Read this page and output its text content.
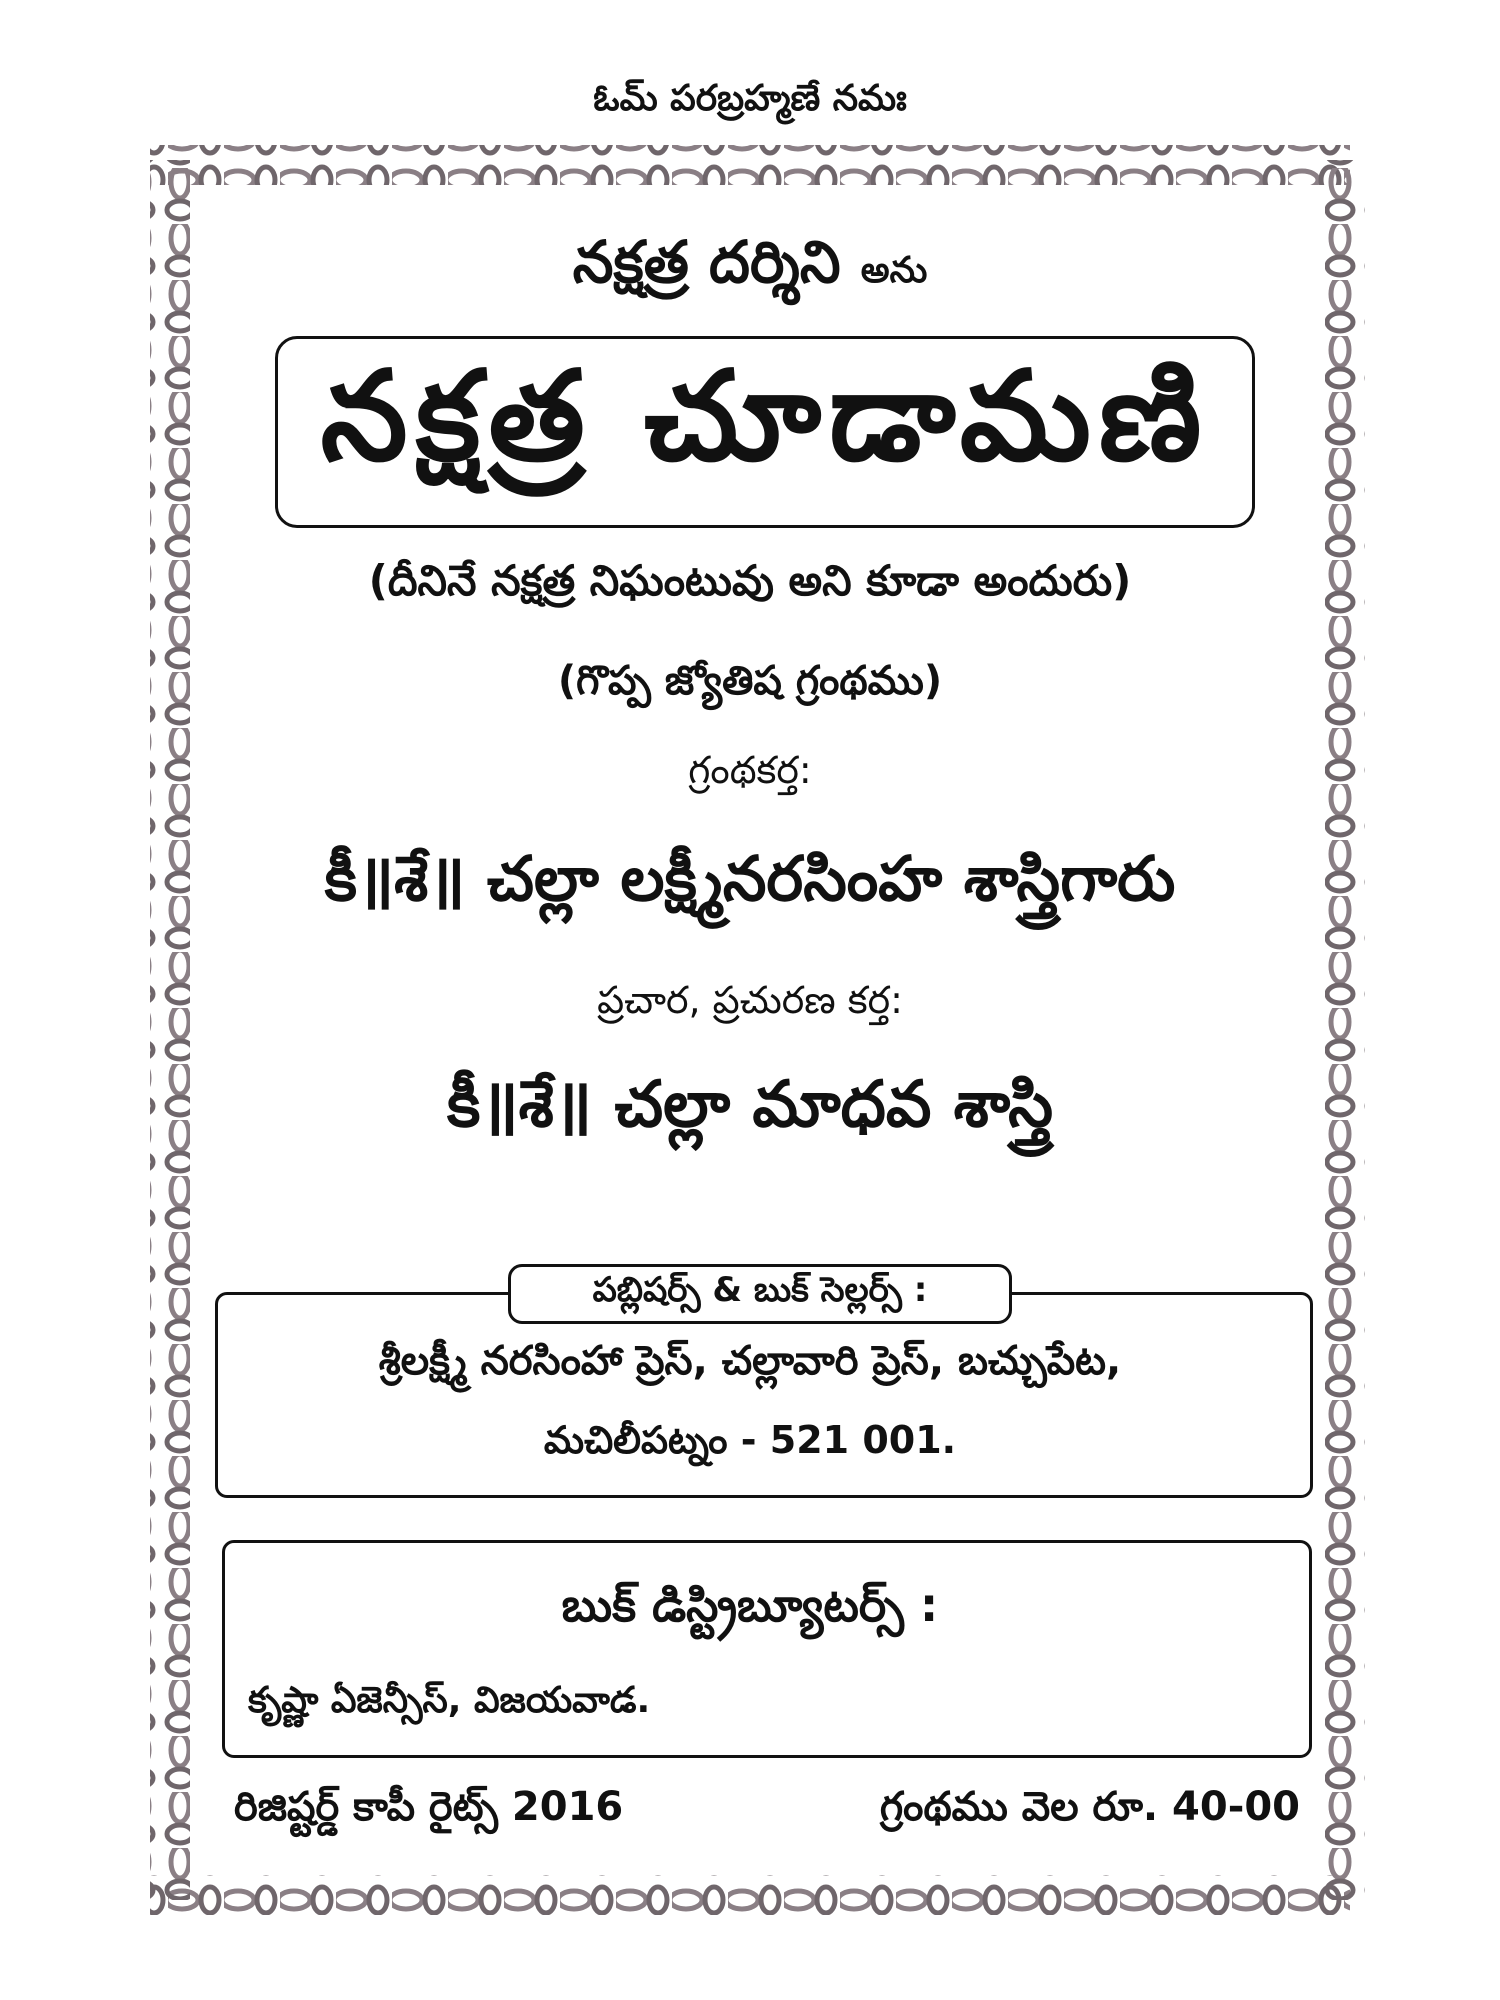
ఓమ్ పరబ్రహ్మణే నమః
నక్షత్ర దర్శిని అను
నక్షత్ర చూడామణి
(దీనినే నక్షత్ర నిఘంటువు అని కూడా అందురు)
(గొప్ప జ్యోతిష గ్రంథము)
గ్రంథకర్త:
కీ॥శే॥ చల్లా లక్ష్మీనరసింహ శాస్త్రిగారు
ప్రచార, ప్రచురణ కర్త:
కీ॥శే॥ చల్లా మాధవ శాస్త్రి
పబ్లిషర్స్ & బుక్ సెల్లర్స్ :
శ్రీలక్ష్మీ నరసింహా ప్రెస్, చల్లావారి ప్రెస్, బచ్చుపేట,
మచిలీపట్నం - 521 001.
బుక్ డిస్ట్రిబ్యూటర్స్ :
కృష్ణా ఏజెన్సీస్, విజయవాడ.
రిజిష్టర్డ్ కాపీ రైట్స్ 2016	గ్రంథము వెల రూ. 40-00
